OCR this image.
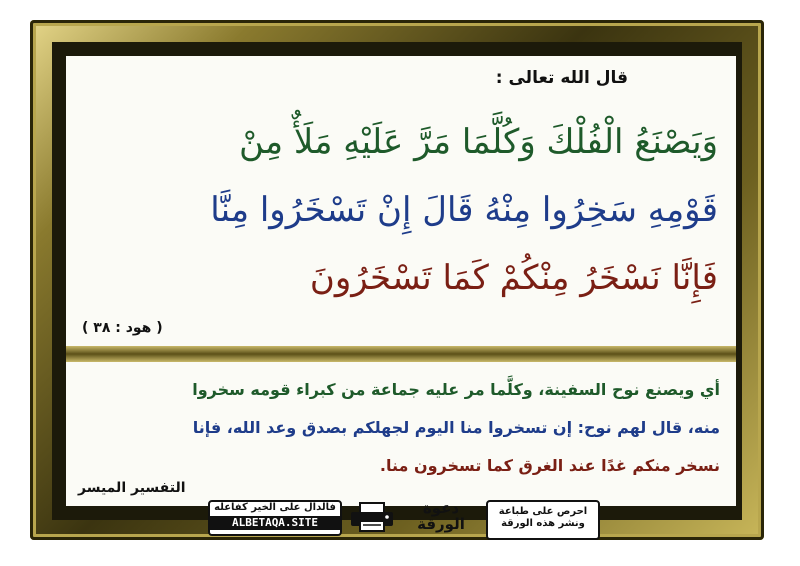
قال الله تعالى :
وَيَصْنَعُ الْفُلْكَ وَكُلَّمَا مَرَّ عَلَيْهِ مَلَأٌ مِنْ
قَوْمِهِ سَخِرُوا مِنْهُ قَالَ إِنْ تَسْخَرُوا مِنَّا
فَإِنَّا نَسْخَرُ مِنْكُمْ كَمَا تَسْخَرُونَ
( هود : ٣٨ )
أي ويصنع نوح السفينة، وكلَّما مر عليه جماعة من كبراء قومه سخروا
منه، قال لهم نوح: إن تسخروا منا اليوم لجهلكم بصدق وعد الله، فإنا
نسخر منكم غدًا عند الغرق كما تسخرون منا.
التفسير الميسر
فالدال على الخير كفاعله
ALBETAQA.SITE
دعوة الورقة
احرص على طباعة ونشر هذه الورقة
